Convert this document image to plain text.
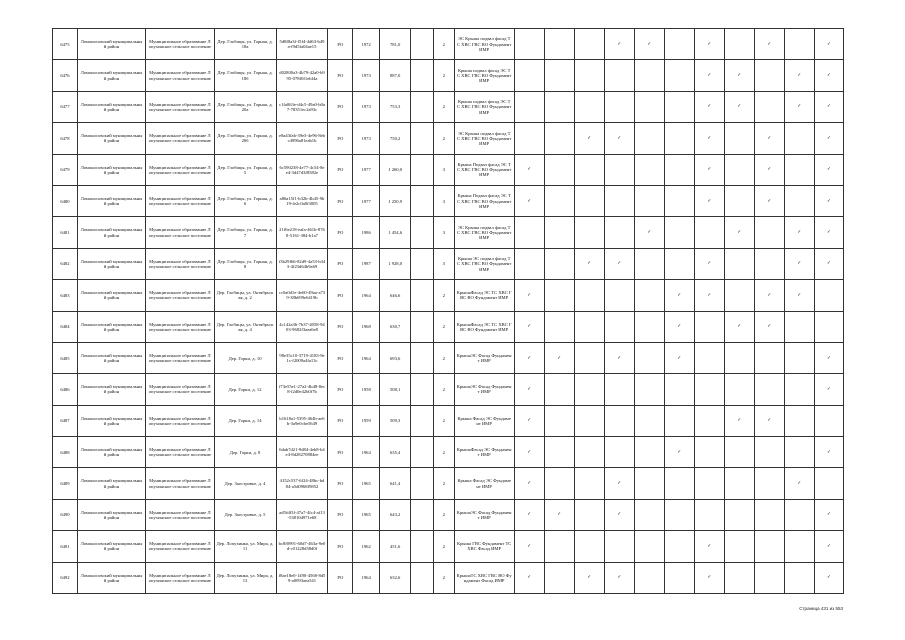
6475	Ломоносовский муниципальный район	Муниципальное образование Лопухинское сельское поселение	Дер. Глобицы, ул. Горная, д. 18а	5d8f8a3f-f5f4-4d63-b49a-f9d5fa04ae15	РО	1972	781,0		2	ЭС Крыша подвал фасад ТС ХВС ГВС ВО Фундамент ИМР				✓	✓		✓		✓		✓
6476	Ломоносовский муниципальный район	Муниципальное образование Лопухинское сельское поселение	Дер. Глобицы, ул. Горная, д. 18б	d02800a3-4b79-42a0-b995-078f0f1ebf4a	РО	1973	887,0		2	Крыша подвал фасад ЭС ТС ХВС ГВС ВО Фундамент ИМР							✓	✓		✓	✓
6477	Ломоносовский муниципальный район	Муниципальное образование Лопухинское сельское поселение	Дер. Глобицы, ул. Горная, д. 20а	c1fa063e-d4c5-49a0-b0a7-78351ec2a93c	РО	1973	753,3		2	Крыша подвал фасад ЭС ТС ХВС ГВС ВО Фундамент ИМР							✓	✓		✓	✓
6478	Ломоносовский муниципальный район	Муниципальное образование Лопухинское сельское поселение	Дер. Глобицы, ул. Горная, д. 20б	e8a43fab-39e3-4e96-8ebc4996a81eab1b	РО	1973	750,2		2	ЭС Крыша подвал фасад ТС ХВС ГВС ВО Фундамент ИМР			✓	✓			✓		✓		✓
6479	Ломоносовский муниципальный район	Муниципальное образование Лопухинское сельское поселение	Дер. Глобицы, ул. Горная, д. 5	6c590238-4e77-4c54-8ee4-3d47d3f8582e	РО	1977	1 260,0		3	Крыша Подвал фасад ЭС ТС ХВС ГВС ВО Фундамент ИМР	✓						✓		✓		✓
6480	Ломоносовский муниципальный район	Муниципальное образование Лопухинское сельское поселение	Дер. Глобицы, ул. Горная, д. 6	a86a15f1-b32b-4b45-9b19-fe2c0a8f3005	РО	1977	1 250,9		3	Крыша Подвал фасад ЭС ТС ХВС ГВС ВО Фундамент ИМР	✓						✓		✓		✓
6481	Ломоносовский муниципальный район	Муниципальное образование Лопухинское сельское поселение	Дер. Глобицы, ул. Горная, д. 7	21f6e218-eafa-461b-8768-5161-384-b1a7	РО	1986	1 454,6		3	ЭС Крыша подвал фасад ТС ХВС ГВС ВО Фундамент ИМР					✓			✓		✓	✓
6482	Ломоносовский муниципальный район	Муниципальное образование Лопухинское сельское поселение	Дер. Глобицы, ул. Горная, д. 8	f3b29f66-82d9-4a53-b343-4f23d64b9a69	РО	1987	1 928,0		3	Крыша ЭС подвал фасад ТС ХВС ГВС ВО Фундамент ИМР			✓	✓			✓			✓	✓
6483	Ломоносовский муниципальный район	Муниципальное образование Лопухинское сельское поселение	Дер. Глобицы, ул. Октябрьская, д. 2	cc0a0d1e-4e60-49aa-a739-38b699e6419b	РО	1964	646,6		2	КрышаФасад ЭС ТС ХВС ГВС ВО Фундамент ИМР	✓					✓	✓		✓	✓	
6484	Ломоносовский муниципальный район	Муниципальное образование Лопухинское сельское поселение	Дер. Глобицы, ул. Октябрьская, д. 4	4c142a36-7b37-4058-9403-9682f3aea6e8	РО	1968	630,7		2	КрышаФасад ЭС ТС ХВС ГВС ВО Фундамент ИМР	✓					✓		✓	✓		
6485	Ломоносовский муниципальный район	Муниципальное образование Лопухинское сельское поселение	Дер. Горки, д. 10	98e35c10-3719-4183-9e1c-f2009a4fa13c	РО	1964	693,6		2	КрышаЭС Фасад Фундамент ИМР	✓	✓		✓		✓					✓
6486	Ломоносовский муниципальный район	Муниципальное образование Лопухинское сельское поселение	Дер. Горки, д. 12	f73e55e1-27a2-4b48-8ec8-f2d0e42b0f7b	РО	1958	508,1		2	КрышаЭС Фасад Фундамент ИМР	✓										✓
6487	Ломоносовский муниципальный район	Муниципальное образование Лопухинское сельское поселение	Дер. Горки, д. 14	b1618a1-5395-464b-ae6b-3a9e0cbe5649	РО	1959	509,3		2	Крыша Фасад ЭС Фундамент ИМР	✓							✓	✓		
6488	Ломоносовский муниципальный район	Муниципальное образование Лопухинское сельское поселение	Дер. Горки, д. 8	6dab7d21-9d84-4eb8-b4e4-8d28270884ee	РО	1964	635,4		2	КрышаФасад ЭС Фундамент ИМР	✓					✓					✓
6489	Ломоносовский муниципальный район	Муниципальное образование Лопухинское сельское поселение	Дер. Заостровье, д. 4	4152c537-6f24-48bc-bd84-a5d0968f9852	РО	1965	641,4		2	Крыша Фасад ЭС Фундамент ИМР	✓			✓						✓	
6490	Ломоносовский муниципальный район	Муниципальное образование Лопухинское сельское поселение	Дер. Заостровье, д. 5	ad5fdf3f-47a7-4fc4-af13-53810d971e68	РО	1965	643,2		2	КрышаЭС Фасад Фундамент ИМР	✓	✓		✓							✓
6491	Ломоносовский муниципальный район	Муниципальное образование Лопухинское сельское поселение	Дер. Лопухинка, ул. Мира, д. 11	bc8f0991-60d7-463a-9e0d-c01228d58d0f	РО	1962	451,6		2	Крыша ГВС Фундамент ТС ХВС Фасад ИМР	✓						✓				✓
6492	Ломоносовский муниципальный район	Муниципальное образование Лопухинское сельское поселение	Дер. Лопухинка, ул. Мира, д. 13	f8ae18e0-1490-4568-8d59-a0093aea541	РО	1964	632,6		2	КрышаТС ХВС ГВС ВО Фундамент Фасад ИМР	✓		✓	✓			✓				✓
Страница 431 из 553
